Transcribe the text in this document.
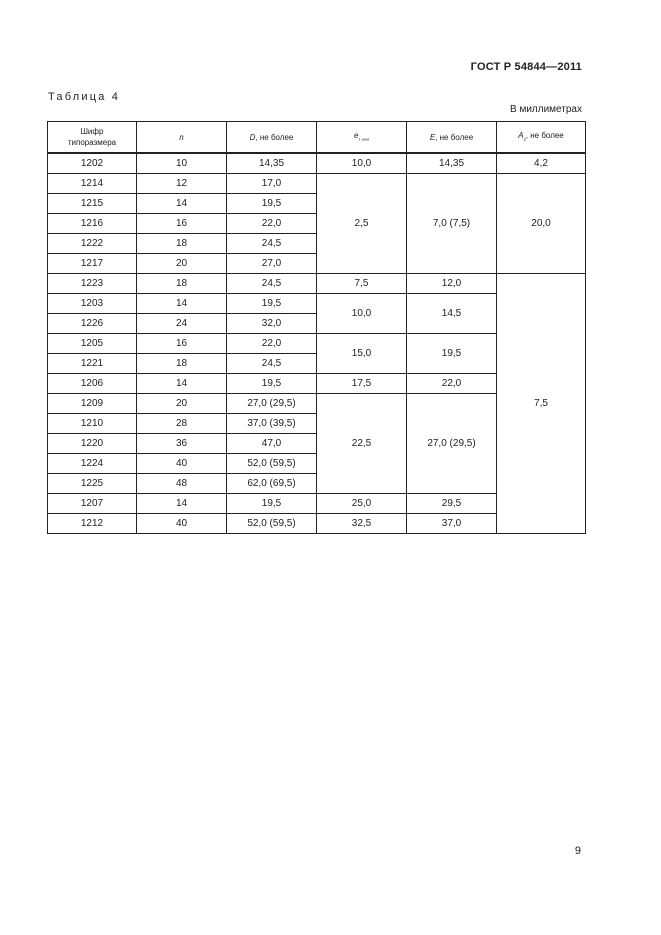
ГОСТ Р 54844—2011
Таблица 4
В миллиметрах
Шифр
типоразмера	n	D, не более	$e_{1 ном}$	E, не более	$A_p$, не более
1202	10	14,35	10,0	14,35	4,2
1214	12	17,0	2,5	7,0 (7,5)	20,0
1215	14	19,5			
1216	16	22,0			
1222	18	24,5			
1217	20	27,0			
1223	18	24,5	7,5	12,0	7,5
1203	14	19,5	10,0	14,5	
1226	24	32,0			
1205	16	22,0	15,0	19,5	
1221	18	24,5			
1206	14	19,5	17,5	22,0	
1209	20	27,0 (29,5)	22,5	27,0 (29,5)	
1210	28	37,0 (39,5)			
1220	36	47,0			
1224	40	52,0 (59,5)			
1225	48	62,0 (69,5)			
1207	14	19,5	25,0	29,5	
1212	40	52,0 (59,5)	32,5	37,0	
9
